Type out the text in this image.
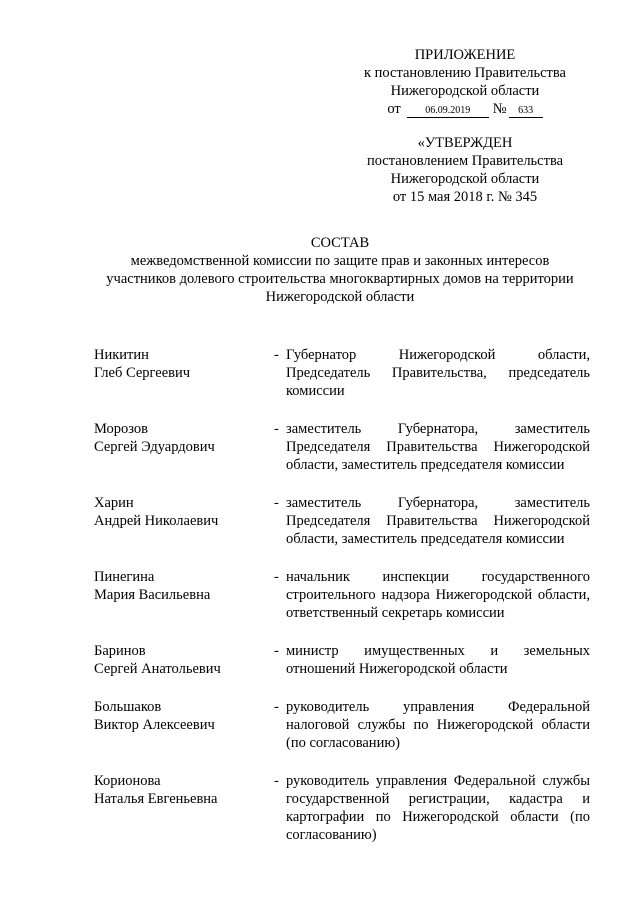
ПРИЛОЖЕНИЕ
к постановлению Правительства
Нижегородской области
от	06.09.2019	№	633
«УТВЕРЖДЕН
постановлением Правительства
Нижегородской области
от 15 мая 2018 г. № 345
СОСТАВ
межведомственной комиссии по защите прав и законных интересов
участников долевого строительства многоквартирных домов на территории
Нижегородской области
Никитин
Глеб Сергеевич
- Губернатор Нижегородской области, Председатель Правительства, председатель комиссии
Морозов
Сергей Эдуардович
- заместитель Губернатора, заместитель Председателя Правительства Нижегородской области, заместитель председателя комиссии
Харин
Андрей Николаевич
- заместитель Губернатора, заместитель Председателя Правительства Нижегородской области, заместитель председателя комиссии
Пинегина
Мария Васильевна
- начальник инспекции государственного строительного надзора Нижегородской области, ответственный секретарь комиссии
Баринов
Сергей Анатольевич
- министр имущественных и земельных отношений Нижегородской области
Большаков
Виктор Алексеевич
- руководитель управления Федеральной налоговой службы по Нижегородской области (по согласованию)
Корионова
Наталья Евгеньевна
- руководитель управления Федеральной службы государственной регистрации, кадастра и картографии по Нижегородской области (по согласованию)
